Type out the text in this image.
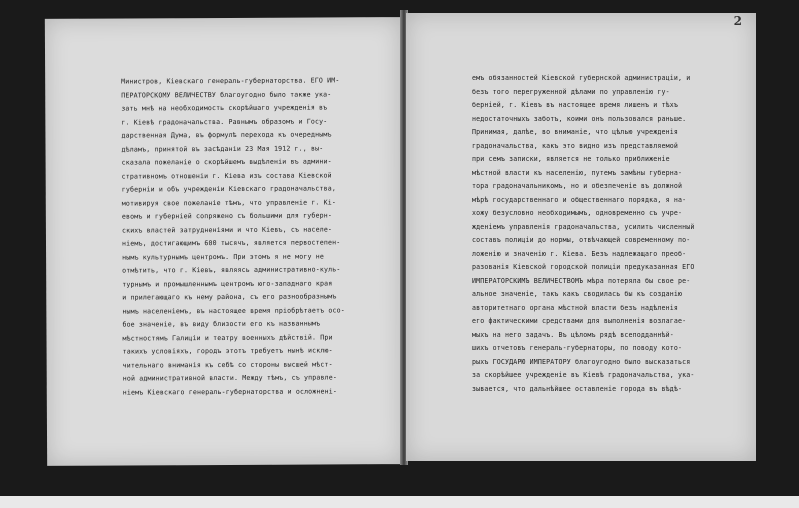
Министров, Кіевскаго генераль-губернаторства. ЕГО ИМ-
ПЕРАТОРСКОМУ ВЕЛИЧЕСТВУ благоугодно было также ука-
зать мнѣ на необходимость скорѣйшаго учрежденія въ
г. Кіевѣ градоначальства. Равнымъ образомъ и Госу-
дарственная Дума, въ формулѣ перехода къ очереднымъ
дѣламъ, принятой въ засѣданіи 23 Мая 1912 г., вы-
сказала пожеланіе о скорѣйшемъ выдѣленіи въ админи-
стративномъ отношеніи г. Кіева изъ состава Кіевской
губерніи и объ учрежденіи Кіевскаго градоначальства,
мотивируя свое пожеланіе тѣмъ, что управленіе г. Кі-
евомъ и губерніей сопряжено съ большими для губерн-
скихъ властей затрудненіями и что Кіевъ, съ населе-
ніемъ, достигающимъ 600 тысячъ, является первостепен-
нымъ культурнымъ центромъ. При этомъ я не могу не
отмѣтить, что г. Кіевъ, являясь административно-куль-
турнымъ и промышленнымъ центромъ юго-западнаго края
и прилегающаго къ нему района, съ его разнообразнымъ
нымъ населеніемъ, въ настоящее время пріобрѣтаетъ осо-
бое значеніе, въ виду близости его къ названнымъ
мѣстностямъ Галиціи и театру военныхъ дѣйствій. При
такихъ условіяхъ, городъ этотъ требуетъ нынѣ исклю-
чительнаго вниманія къ себѣ со стороны высшей мѣст-
ной административной власти. Между тѣмъ, съ управле-
ніемъ Кіевскаго генераль-губернаторства и осложнені-
2
емъ обязанностей Кіевской губернской администраціи, и
безъ того перегруженной дѣлами по управленію гу-
берніей, г. Кіевъ въ настоящее время лишенъ и тѣхъ
недостаточныхъ заботъ, коими онъ пользовался раньше.
Принимая, далѣе, во вниманіе, что цѣлью учрежденія
градоначальства, какъ это видно изъ представляемой
при семъ записки, является не только приближеніе
мѣстной власти къ населенію, путемъ замѣны губерна-
тора градоначальникомъ, но и обезпеченіе въ должной
мѣрѣ государственнаго и общественнаго порядка, я на-
хожу безусловно необходимымъ, одновременно съ учре-
жденіемъ управленія градоначальства, усилить численный
составъ полиціи до нормы, отвѣчающей современному по-
ложенію и значенію г. Кіева. Безъ надлежащаго преоб-
разованія Кіевской городской полиціи предуказанная ЕГО
ИМПЕРАТОРСКИМЪ ВЕЛИЧЕСТВОМЪ мѣра потеряла бы свое ре-
альное значеніе, такъ какъ сводилась бы къ созданію
авторитетнаго органа мѣстной власти безъ надѣленія
его фактическими средствами для выполненія возлагае-
мыхъ на него задачъ. Въ цѣломъ рядѣ всеподданнѣй-
шихъ отчетовъ генераль-губернаторы, по поводу кото-
рыхъ ГОСУДАРЮ ИМПЕРАТОРУ благоугодно было высказаться
за скорѣйшее учрежденіе въ Кіевѣ градоначальства, ука-
зывается, что дальнѣйшее оставленіе города въ вѣдѣ-
